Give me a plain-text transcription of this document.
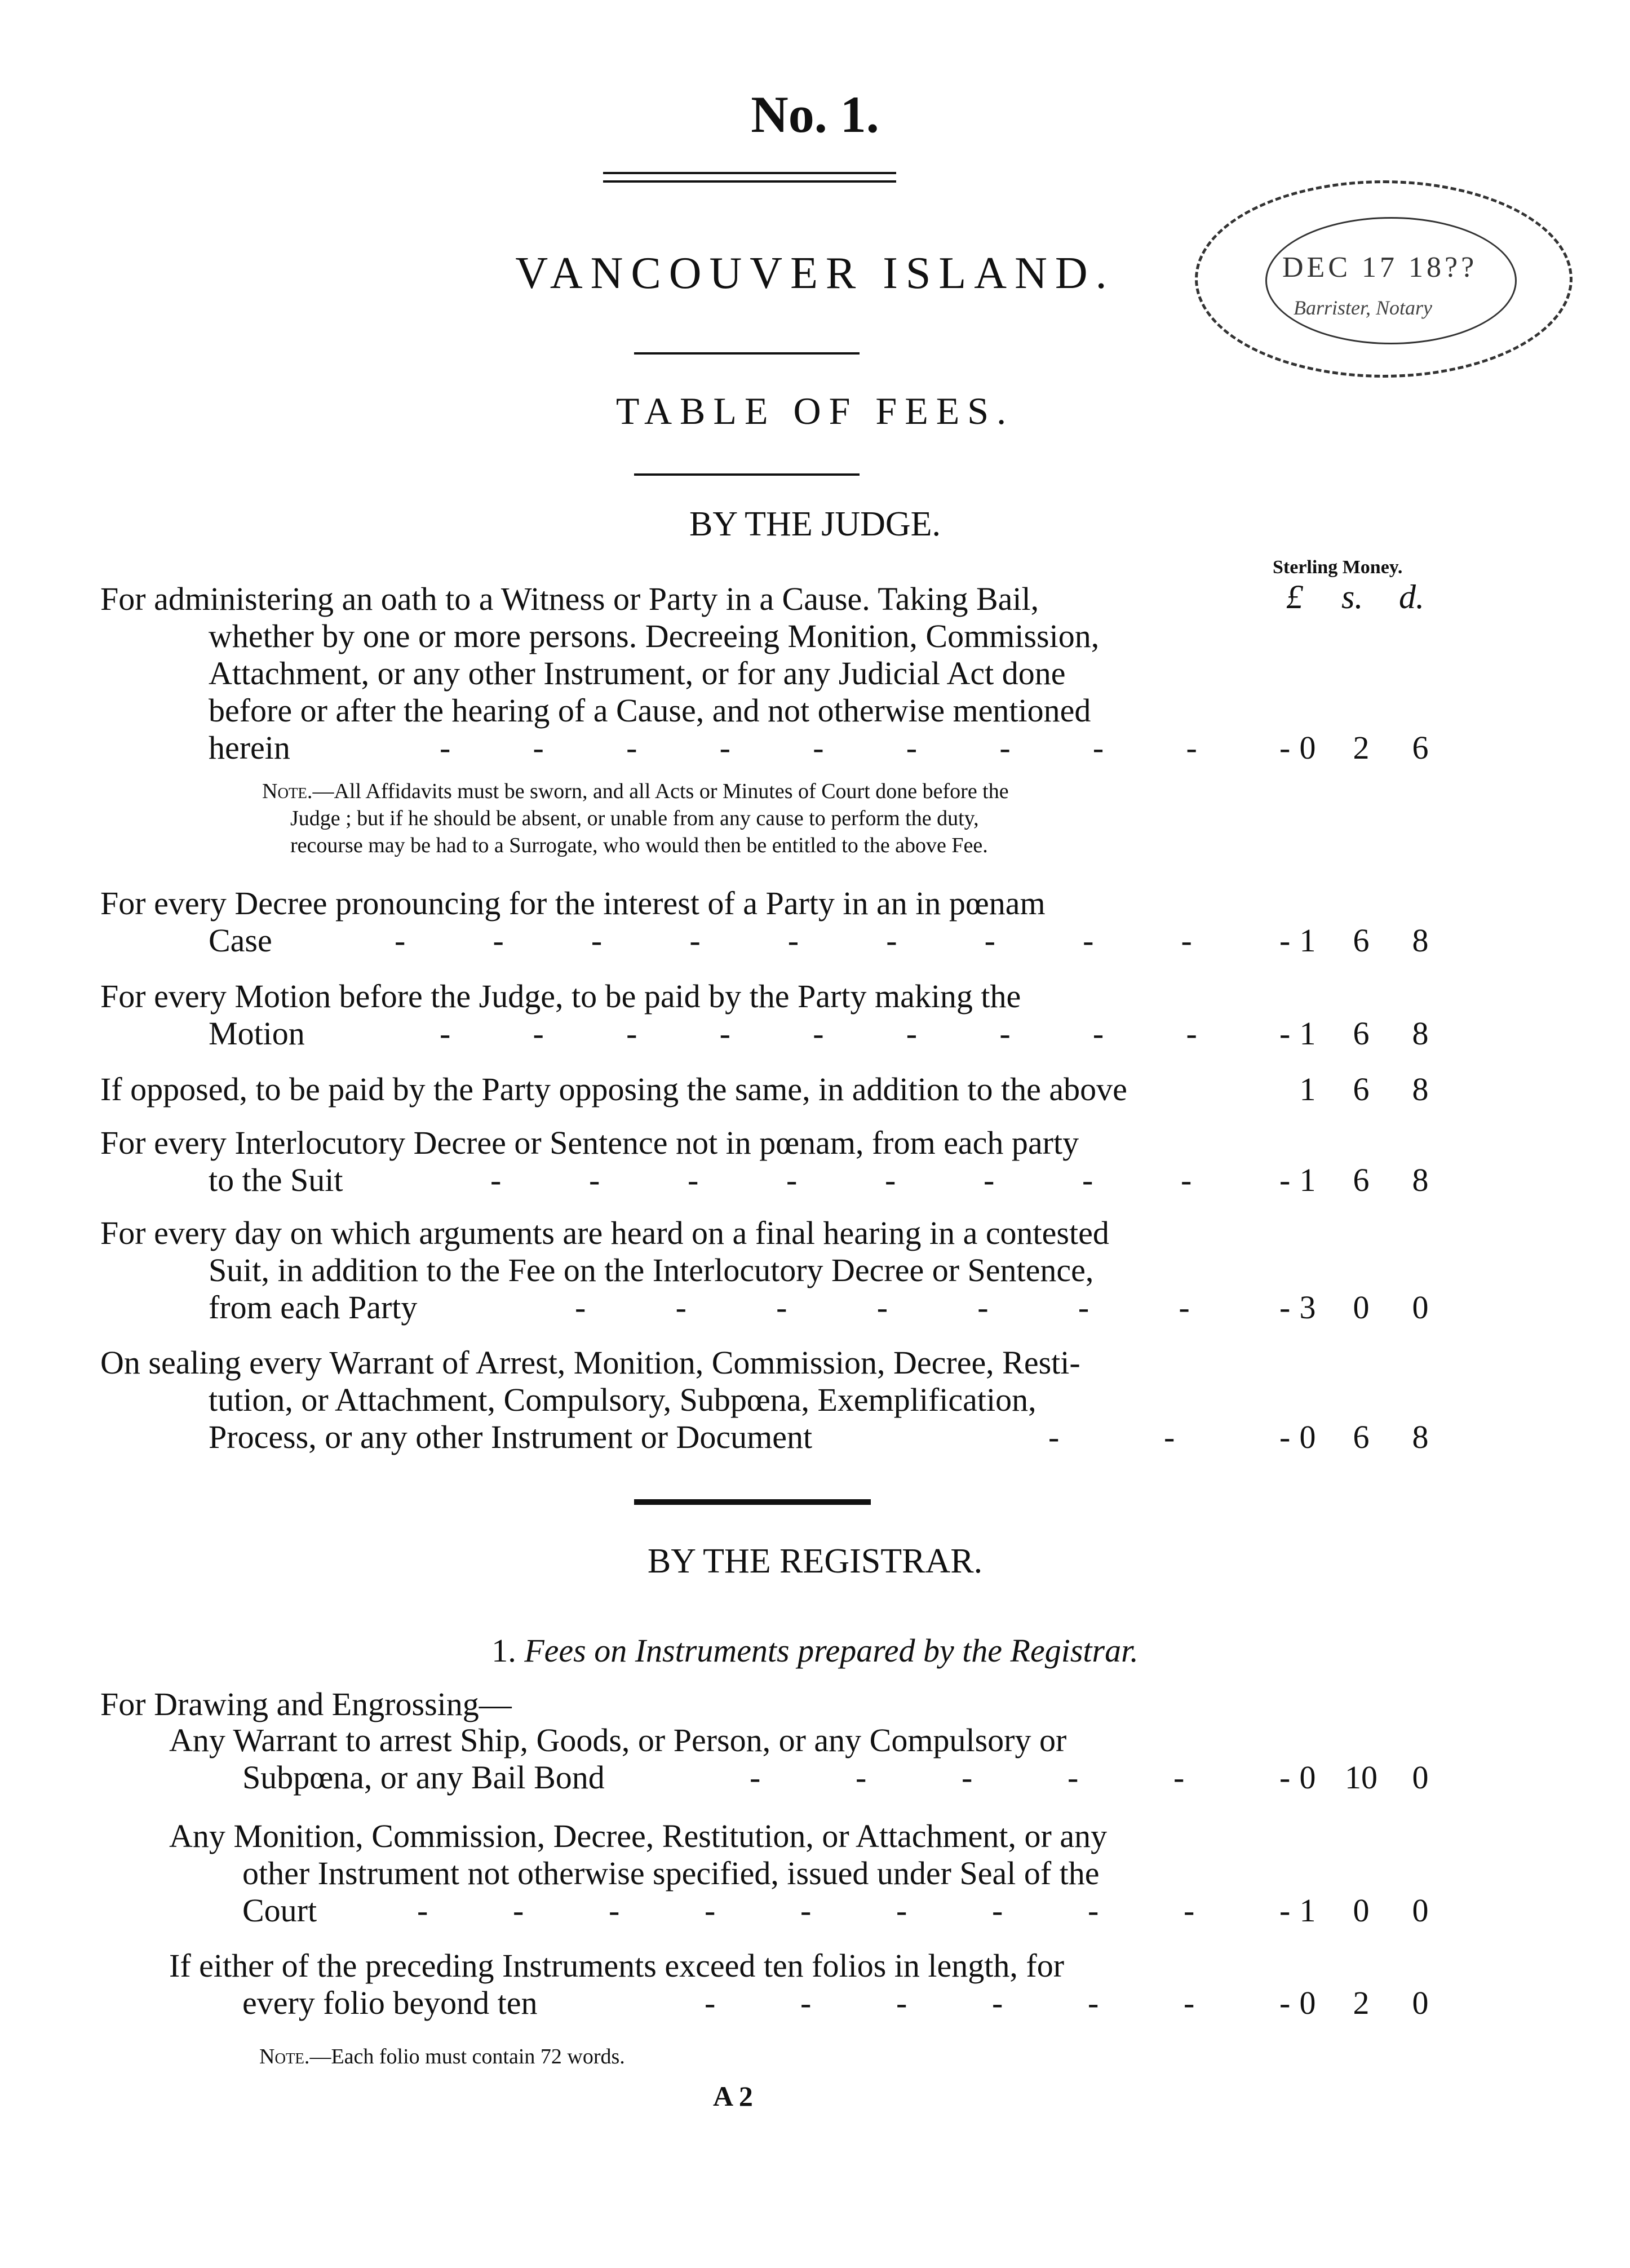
No. 1.
VANCOUVER ISLAND.
TABLE OF FEES.
DEC 17 18??
Barrister, Notary
BY THE JUDGE.
Sterling Money.
£ s. d.
For administering an oath to a Witness or Party in a Cause. Taking Bail,
whether by one or more persons. Decreeing Monition, Commission,
Attachment, or any other Instrument, or for any Judicial Act done
before or after the hearing of a Cause, and not otherwise mentioned
herein	-	-	-	-	-	-	-	-	-	- 0 2 6
For every Decree pronouncing for the interest of a Party in an in pœnam
Case	-	-	-	-	-	-	-	-	-	- 1 6 8
For every Motion before the Judge, to be paid by the Party making the
Motion	-	-	-	-	-	-	-	-	-	- 1 6 8
If opposed, to be paid by the Party opposing the same, in addition to the above	1 6 8
For every Interlocutory Decree or Sentence not in pœnam, from each party
to the Suit	-	-	-	-	-	-	-	-	- 1 6 8
For every day on which arguments are heard on a final hearing in a contested
Suit, in addition to the Fee on the Interlocutory Decree or Sentence,
from each Party	-	-	-	-	-	-	-	- 3 0 0
On sealing every Warrant of Arrest, Monition, Commission, Decree, Resti-
tution, or Attachment, Compulsory, Subpœna, Exemplification,
Process, or any other Instrument or Document	-	-	- 0 6 8
Note.—All Affidavits must be sworn, and all Acts or Minutes of Court done before the
Judge ; but if he should be absent, or unable from any cause to perform the duty,
recourse may be had to a Surrogate, who would then be entitled to the above Fee.
BY THE REGISTRAR.
1. Fees on Instruments prepared by the Registrar.
For Drawing and Engrossing—
Any Warrant to arrest Ship, Goods, or Person, or any Compulsory or
Subpœna, or any Bail Bond	-	-	-	-	-	- 0 10 0
Any Monition, Commission, Decree, Restitution, or Attachment, or any
other Instrument not otherwise specified, issued under Seal of the
Court	-	-	-	-	-	-	-	-	-	- 1 0 0
If either of the preceding Instruments exceed ten folios in length, for
every folio beyond ten	-	-	-	-	-	-	- 0 2 0
Note.—Each folio must contain 72 words.
A 2
